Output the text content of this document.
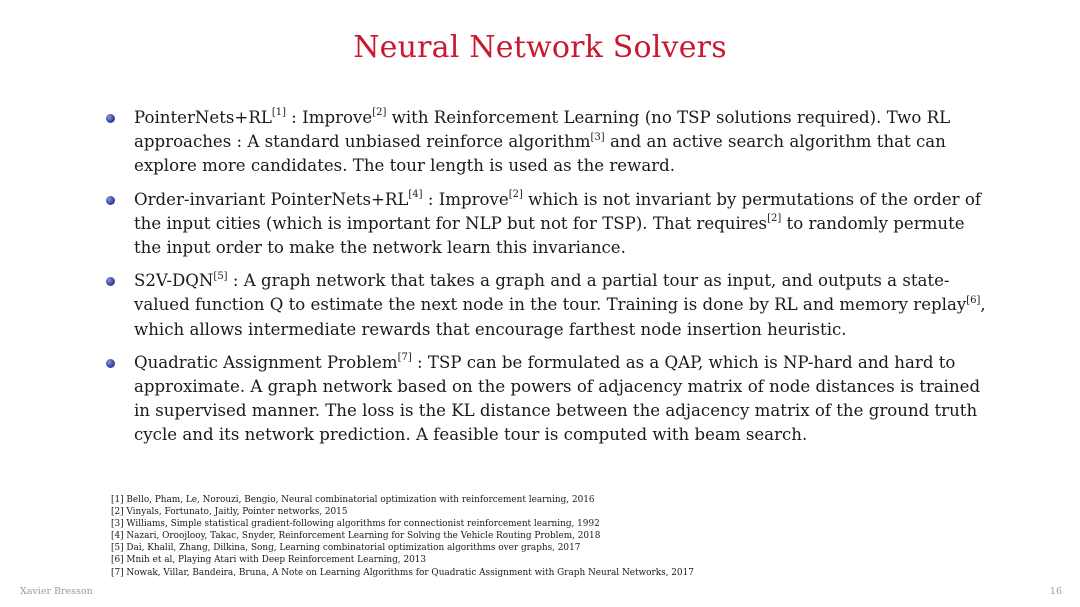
Neural Network Solvers
PointerNets+RL[1] : Improve[2] with Reinforcement Learning (no TSP solutions required). Two RL approaches : A standard unbiased reinforce algorithm[3] and an active search algorithm that can explore more candidates. The tour length is used as the reward.
Order-invariant PointerNets+RL[4] : Improve[2] which is not invariant by permutations of the order of the input cities (which is important for NLP but not for TSP). That requires[2] to randomly permute the input order to make the network learn this invariance.
S2V-DQN[5] : A graph network that takes a graph and a partial tour as input, and outputs a state-valued function Q to estimate the next node in the tour. Training is done by RL and memory replay[6], which allows intermediate rewards that encourage farthest node insertion heuristic.
Quadratic Assignment Problem[7] : TSP can be formulated as a QAP, which is NP-hard and hard to approximate. A graph network based on the powers of adjacency matrix of node distances is trained in supervised manner. The loss is the KL distance between the adjacency matrix of the ground truth cycle and its network prediction. A feasible tour is computed with beam search.
[1] Bello, Pham, Le, Norouzi, Bengio, Neural combinatorial optimization with reinforcement learning, 2016
[2] Vinyals, Fortunato, Jaitly, Pointer networks, 2015
[3] Williams, Simple statistical gradient-following algorithms for connectionist reinforcement learning, 1992
[4] Nazari, Oroojlooy, Takac, Snyder, Reinforcement Learning for Solving the Vehicle Routing Problem, 2018
[5] Dai, Khalil, Zhang, Dilkina, Song, Learning combinatorial optimization algorithms over graphs, 2017
[6] Mnih et al, Playing Atari with Deep Reinforcement Learning, 2013
[7] Nowak, Villar, Bandeira, Bruna, A Note on Learning Algorithms for Quadratic Assignment with Graph Neural Networks, 2017
Xavier Bresson	16
